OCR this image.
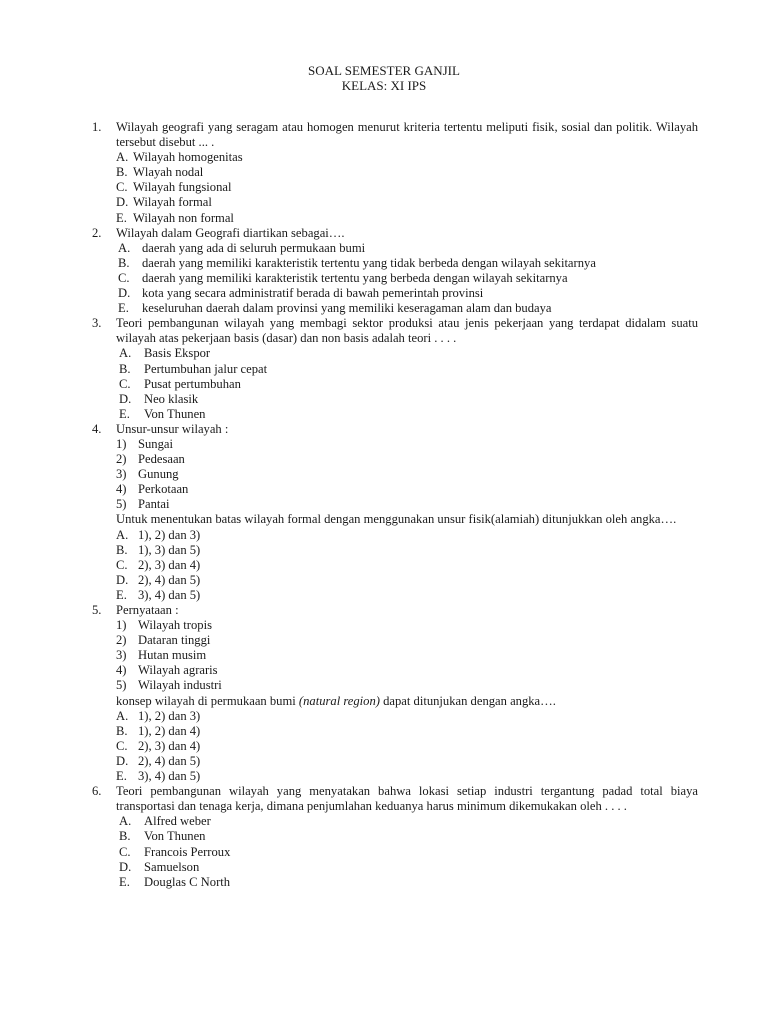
SOAL SEMESTER GANJIL
KELAS: XI IPS
1. Wilayah geografi yang seragam atau homogen menurut kriteria tertentu meliputi fisik, sosial dan politik. Wilayah tersebut disebut ... .
A. Wilayah homogenitas
B. Wlayah nodal
C. Wilayah fungsional
D. Wilayah formal
E. Wilayah non formal
2. Wilayah dalam Geografi diartikan sebagai….
A. daerah yang ada di seluruh permukaan bumi
B. daerah yang memiliki karakteristik tertentu yang tidak berbeda dengan wilayah sekitarnya
C. daerah yang memiliki karakteristik tertentu yang berbeda dengan wilayah sekitarnya
D. kota yang secara administratif berada di bawah pemerintah provinsi
E.	keseluruhan daerah dalam provinsi yang memiliki keseragaman alam dan budaya
3. Teori pembangunan wilayah yang membagi sektor produksi atau jenis pekerjaan yang terdapat didalam suatu wilayah atas pekerjaan basis (dasar) dan non basis adalah teori . . . .
A.	Basis Ekspor
B.	Pertumbuhan jalur cepat
C.	Pusat pertumbuhan
D.	Neo klasik
E.	Von Thunen
4. Unsur-unsur wilayah :
1) Sungai
2) Pedesaan
3) Gunung
4) Perkotaan
5) Pantai
Untuk menentukan batas wilayah formal dengan menggunakan unsur fisik(alamiah) ditunjukkan oleh angka….
A. 1), 2) dan 3)
B. 1), 3) dan 5)
C. 2), 3) dan 4)
D. 2), 4) dan 5)
E. 3), 4) dan 5)
5. Pernyataan :
1) Wilayah tropis
2) Dataran tinggi
3) Hutan musim
4) Wilayah agraris
5) Wilayah industri
konsep wilayah di permukaan bumi (natural region) dapat ditunjukan dengan angka….
A. 1), 2) dan 3)
B. 1), 2) dan 4)
C. 2), 3) dan 4)
D. 2), 4) dan 5)
E. 3), 4) dan 5)
6. Teori pembangunan wilayah yang menyatakan bahwa lokasi setiap industri tergantung padad total biaya transportasi dan tenaga kerja, dimana penjumlahan keduanya harus minimum dikemukakan oleh . . . .
A.	Alfred weber
B.	Von Thunen
C.	Francois Perroux
D.	Samuelson
E.	Douglas C North
